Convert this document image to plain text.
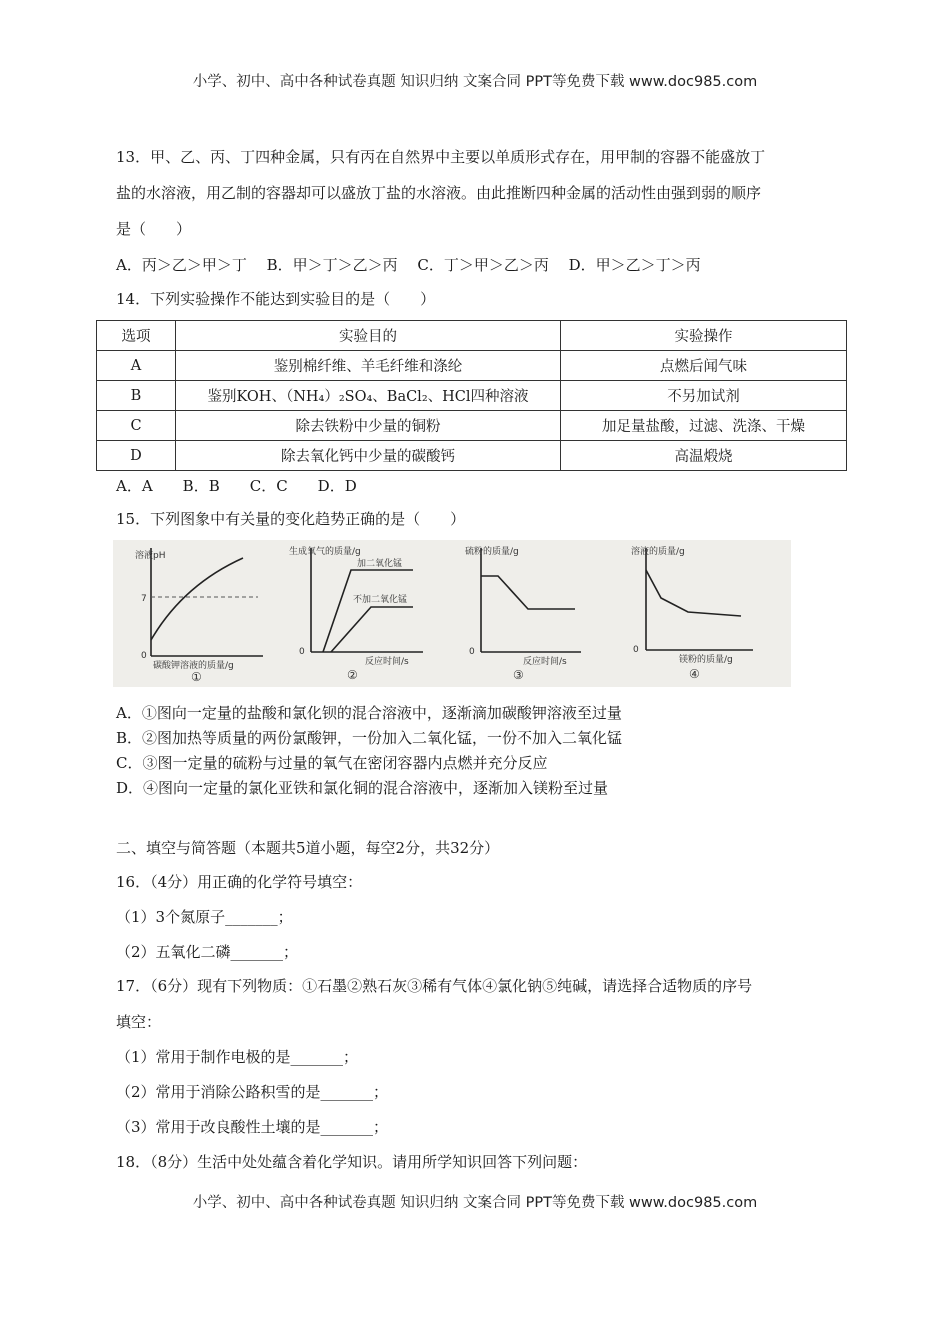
小学、初中、高中各种试卷真题 知识归纳 文案合同 PPT等免费下载 www.doc985.com
13．甲、乙、丙、丁四种金属，只有丙在自然界中主要以单质形式存在，用甲制的容器不能盛放丁
盐的水溶液，用乙制的容器却可以盛放丁盐的水溶液。由此推断四种金属的活动性由强到弱的顺序
是（　　）
A．丙＞乙＞甲＞丁　 B．甲＞丁＞乙＞丙　 C．丁＞甲＞乙＞丙　 D．甲＞乙＞丁＞丙
14．下列实验操作不能达到实验目的是（　　）
选项	实验目的	实验操作
A	鉴别棉纤维、羊毛纤维和涤纶	点燃后闻气味
B	鉴别KOH、（NH₄）₂SO₄、BaCl₂、HCl四种溶液	不另加试剂
C	除去铁粉中少量的铜粉	加足量盐酸，过滤、洗涤、干燥
D	除去氧化钙中少量的碳酸钙	高温煅烧
A．A　　B．B　　C．C　　D．D
15．下列图象中有关量的变化趋势正确的是（　　）
溶液pH
7
0
碳酸钾溶液的质量/g
①
生成氧气的质量/g
加二氧化锰
不加二氧化锰
0
反应时间/s
②
硫粉的质量/g
0
反应时间/s
③
溶液的质量/g
0
镁粉的质量/g
④
A．①图向一定量的盐酸和氯化钡的混合溶液中，逐渐滴加碳酸钾溶液至过量
B．②图加热等质量的两份氯酸钾，一份加入二氧化锰，一份不加入二氧化锰
C．③图一定量的硫粉与过量的氧气在密闭容器内点燃并充分反应
D．④图向一定量的氯化亚铁和氯化铜的混合溶液中，逐渐加入镁粉至过量
二、填空与简答题（本题共5道小题，每空2分，共32分）
16．（4分）用正确的化学符号填空：
（1）3个氮原子_______；
（2）五氧化二磷_______；
17．（6分）现有下列物质：①石墨②熟石灰③稀有气体④氯化钠⑤纯碱，请选择合适物质的序号
填空：
（1）常用于制作电极的是_______；
（2）常用于消除公路积雪的是_______；
（3）常用于改良酸性土壤的是_______；
18．（8分）生活中处处蕴含着化学知识。请用所学知识回答下列问题：
小学、初中、高中各种试卷真题 知识归纳 文案合同 PPT等免费下载 www.doc985.com
